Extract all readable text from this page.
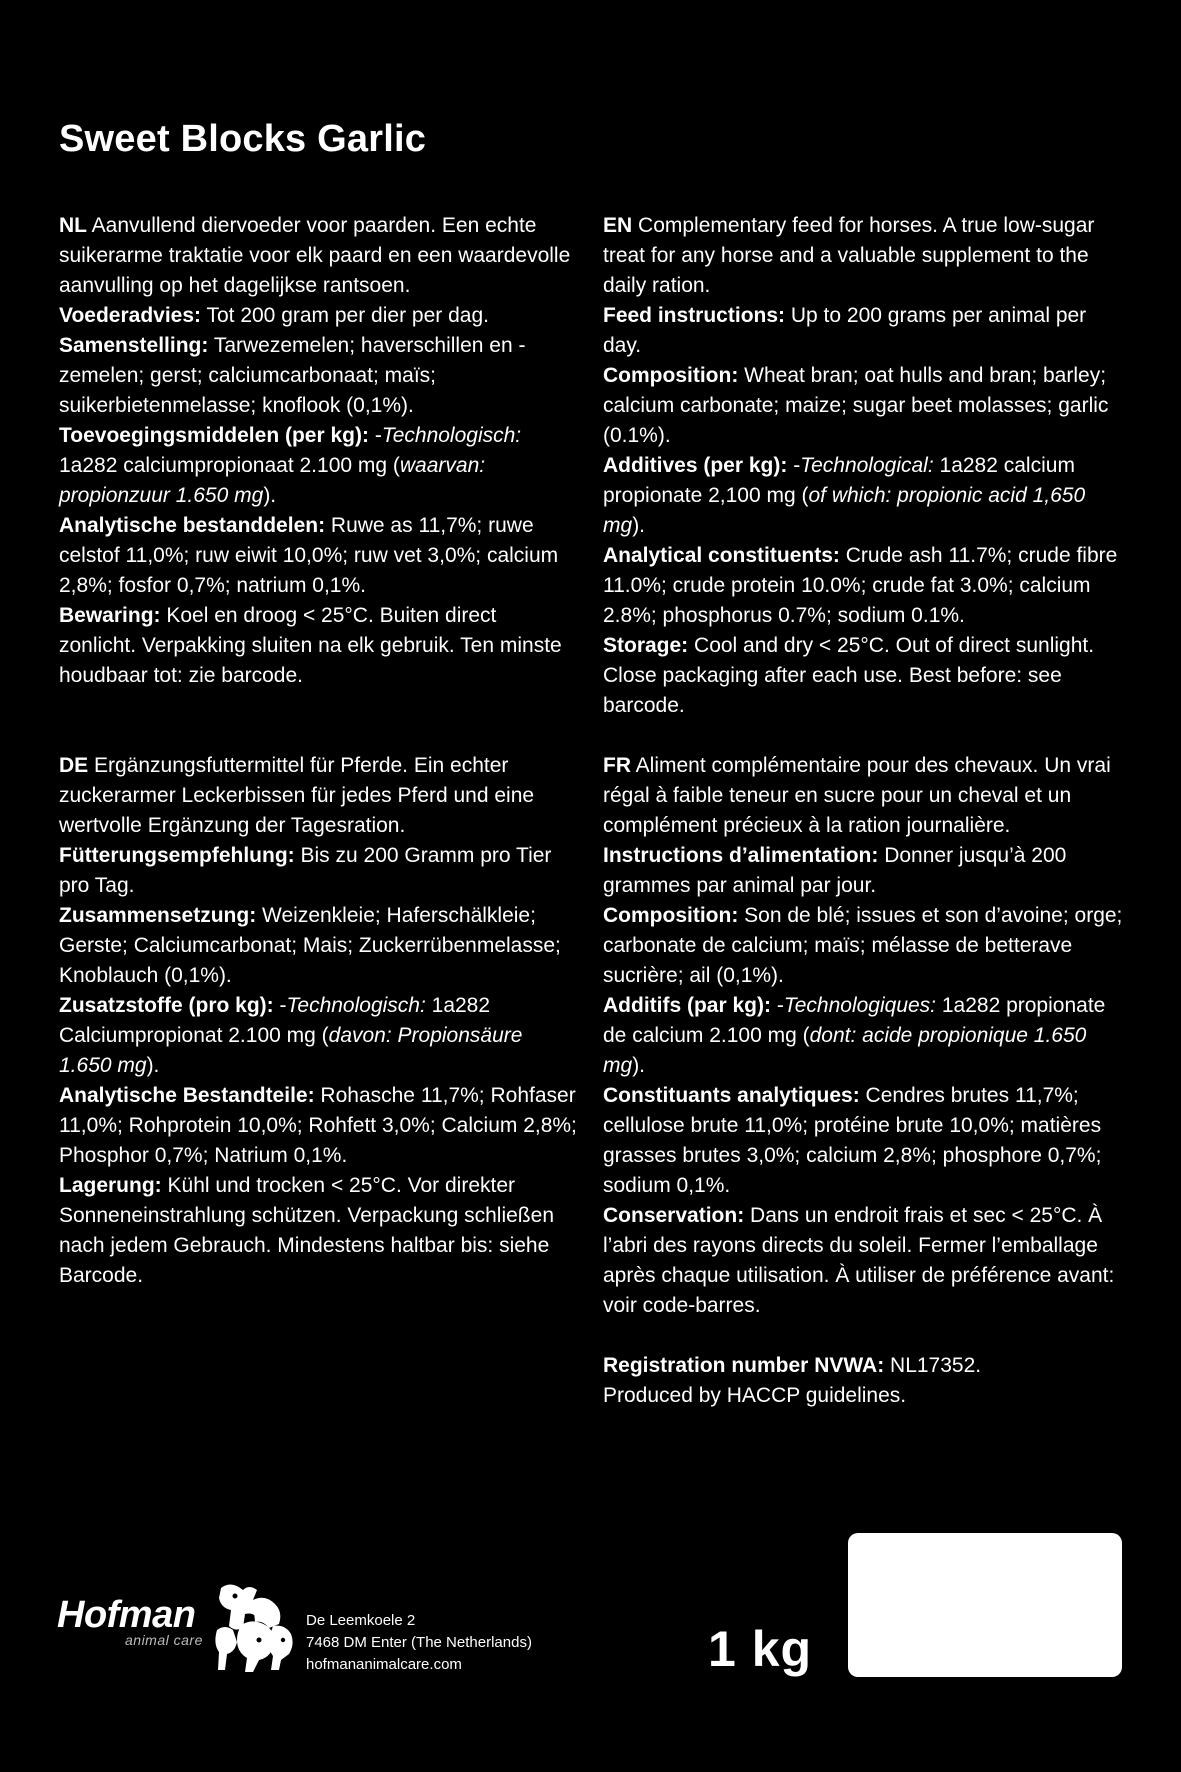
Sweet Blocks Garlic

NL Aanvullend diervoeder voor paarden. Een echte suikerarme traktatie voor elk paard en een waardevolle aanvulling op het dagelijkse rantsoen.

Voederadvies: Tot 200 gram per dier per dag.

Samenstelling: Tarwezemelen; haverschillen en -zemelen; gerst; calciumcarbonaat; maïs; suikerbietenmelasse; knoflook (0,1%).

Toevoegingsmiddelen (per kg): -Technologisch: 1a282 calciumpropionaat 2.100 mg (waarvan: propionzuur 1.650 mg).

Analytische bestanddelen: Ruwe as 11,7%; ruwe celstof 11,0%; ruw eiwit 10,0%; ruw vet 3,0%; calcium 2,8%; fosfor 0,7%; natrium 0,1%.

Bewaring: Koel en droog < 25°C. Buiten direct zonlicht. Verpakking sluiten na elk gebruik. Ten minste houdbaar tot: zie barcode.

EN Complementary feed for horses. A true low-sugar treat for any horse and a valuable supplement to the daily ration.

Feed instructions: Up to 200 grams per animal per day.

Composition: Wheat bran; oat hulls and bran; barley; calcium carbonate; maize; sugar beet molasses; garlic (0.1%).

Additives (per kg): -Technological: 1a282 calcium propionate 2,100 mg (of which: propionic acid 1,650 mg).

Analytical constituents: Crude ash 11.7%; crude fibre 11.0%; crude protein 10.0%; crude fat 3.0%; calcium 2.8%; phosphorus 0.7%; sodium 0.1%.

Storage: Cool and dry < 25°C. Out of direct sunlight. Close packaging after each use. Best before: see barcode.

DE Ergänzungsfuttermittel für Pferde. Ein echter zuckerarmer Leckerbissen für jedes Pferd und eine wertvolle Ergänzung der Tagesration.

Fütterungsempfehlung: Bis zu 200 Gramm pro Tier pro Tag.

Zusammensetzung: Weizenkleie; Haferschälkleie; Gerste; Calciumcarbonat; Mais; Zuckerrübenmelasse; Knoblauch (0,1%).

Zusatzstoffe (pro kg): -Technologisch: 1a282 Calciumpropionat 2.100 mg (davon: Propionsäure 1.650 mg).

Analytische Bestandteile: Rohasche 11,7%; Rohfaser 11,0%; Rohprotein 10,0%; Rohfett 3,0%; Calcium 2,8%; Phosphor 0,7%; Natrium 0,1%.

Lagerung: Kühl und trocken < 25°C. Vor direkter Sonneneinstrahlung schützen. Verpackung schließen nach jedem Gebrauch. Mindestens haltbar bis: siehe Barcode.

FR Aliment complémentaire pour des chevaux. Un vrai régal à faible teneur en sucre pour un cheval et un complément précieux à la ration journalière.

Instructions d’alimentation: Donner jusqu’à 200 grammes par animal par jour.

Composition: Son de blé; issues et son d’avoine; orge; carbonate de calcium; maïs; mélasse de betterave sucrière; ail (0,1%).

Additifs (par kg): -Technologiques: 1a282 propionate de calcium 2.100 mg (dont: acide propionique 1.650 mg).

Constituants analytiques: Cendres brutes 11,7%; cellulose brute 11,0%; protéine brute 10,0%; matières grasses brutes 3,0%; calcium 2,8%; phosphore 0,7%; sodium 0,1%.

Conservation: Dans un endroit frais et sec < 25°C. À l’abri des rayons directs du soleil. Fermer l’emballage après chaque utilisation. À utiliser de préférence avant: voir code-barres.

Registration number NVWA: NL17352.

Produced by HACCP guidelines.

Hofman
animal care
De Leemkoele 2
7468 DM Enter (The Netherlands)
hofmananimalcare.com	1 kg
